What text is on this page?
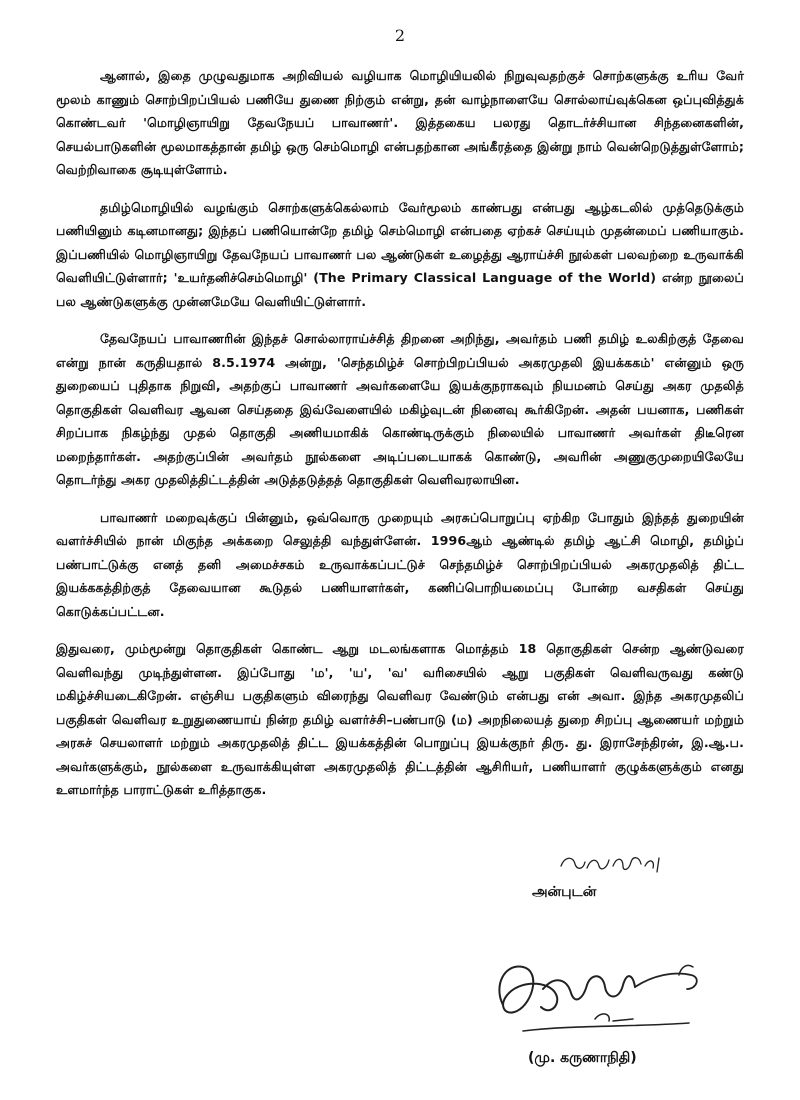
2

ஆனால், இதை முழுவதுமாக அறிவியல் வழியாக மொழியியலில் நிறுவுவதற்குச் சொற்களுக்கு உரிய வேர் மூலம் காணும் சொற்பிறப்பியல் பணியே துணை நிற்கும் என்று, தன் வாழ்நாளையே சொல்லாய்வுக்கென ஒப்புவித்துக் கொண்டவர் 'மொழிஞாயிறு தேவநேயப் பாவாணர்'. இத்தகைய பலரது தொடர்ச்சியான சிந்தனைகளின், செயல்பாடுகளின் மூலமாகத்தான் தமிழ் ஒரு செம்மொழி என்பதற்கான அங்கீரத்தை இன்று நாம் வென்றெடுத்துள்ளோம்; வெற்றிவாகை சூடியுள்ளோம்.

தமிழ்மொழியில் வழங்கும் சொற்களுக்கெல்லாம் வேர்மூலம் காண்பது என்பது ஆழ்கடலில் முத்தெடுக்கும் பணியினும் கடினமானது; இந்தப் பணியொன்றே தமிழ் செம்மொழி என்பதை ஏற்கச் செய்யும் முதன்மைப் பணியாகும். இப்பணியில் மொழிஞாயிறு தேவநேயப் பாவாணர் பல ஆண்டுகள் உழைத்து ஆராய்ச்சி நூல்கள் பலவற்றை உருவாக்கி வெளியிட்டுள்ளார்; 'உயர்தனிச்செம்மொழி' (The Primary Classical Language of the World) என்ற நூலைப் பல ஆண்டுகளுக்கு முன்னமேயே வெளியிட்டுள்ளார்.

தேவநேயப் பாவாணரின் இந்தச் சொல்லாராய்ச்சித் திறனை அறிந்து, அவர்தம் பணி தமிழ் உலகிற்குத் தேவை என்று நான் கருதியதால் 8.5.1974 அன்று, 'செந்தமிழ்ச் சொற்பிறப்பியல் அகரமுதலி இயக்ககம்' என்னும் ஒரு துறையைப் புதிதாக நிறுவி, அதற்குப் பாவாணர் அவர்களையே இயக்குநராகவும் நியமனம் செய்து அகர முதலித் தொகுதிகள் வெளிவர ஆவன செய்ததை இவ்வேளையில் மகிழ்வுடன் நினைவு கூர்கிறேன். அதன் பயனாக, பணிகள் சிறப்பாக நிகழ்ந்து முதல் தொகுதி அணியமாகிக் கொண்டிருக்கும் நிலையில் பாவாணர் அவர்கள் திடீரென மறைந்தார்கள். அதற்குப்பின் அவர்தம் நூல்களை அடிப்படையாகக் கொண்டு, அவரின் அணுகுமுறையிலேயே தொடர்ந்து அகர முதலித்திட்டத்தின் அடுத்தடுத்தத் தொகுதிகள் வெளிவரலாயின.

பாவாணர் மறைவுக்குப் பின்னும், ஒவ்வொரு முறையும் அரசுப்பொறுப்பு ஏற்கிற போதும் இந்தத் துறையின் வளர்ச்சியில் நான் மிகுந்த அக்கறை செலுத்தி வந்துள்ளேன். 1996ஆம் ஆண்டில் தமிழ் ஆட்சி மொழி, தமிழ்ப் பண்பாட்டுக்கு எனத் தனி அமைச்சகம் உருவாக்கப்பட்டுச் செந்தமிழ்ச் சொற்பிறப்பியல் அகரமுதலித் திட்ட இயக்ககத்திற்குத் தேவையான கூடுதல் பணியாளர்கள், கணிப்பொறியமைப்பு போன்ற வசதிகள் செய்து கொடுக்கப்பட்டன.

இதுவரை, மும்மூன்று தொகுதிகள் கொண்ட ஆறு மடலங்களாக மொத்தம் 18 தொகுதிகள் சென்ற ஆண்டுவரை வெளிவந்து முடிந்துள்ளன. இப்போது 'ம', 'ய', 'வ' வரிசையில் ஆறு பகுதிகள் வெளிவருவது கண்டு மகிழ்ச்சியடைகிறேன். எஞ்சிய பகுதிகளும் விரைந்து வெளிவர வேண்டும் என்பது என் அவா. இந்த அகரமுதலிப் பகுதிகள் வெளிவர உறுதுணையாய் நின்ற தமிழ் வளர்ச்சி–பண்பாடு (ம) அறநிலையத் துறை சிறப்பு ஆணையர் மற்றும் அரசுச் செயலாளர் மற்றும் அகரமுதலித் திட்ட இயக்கத்தின் பொறுப்பு இயக்குநர் திரு. து. இராசேந்திரன், இ.ஆ.ப. அவர்களுக்கும், நூல்களை உருவாக்கியுள்ள அகரமுதலித் திட்டத்தின் ஆசிரியர், பணியாளர் குழுக்களுக்கும் எனது உளமார்ந்த பாராட்டுகள் உரித்தாகுக.

அன்புடன்
(மு. கருணாநிதி)
